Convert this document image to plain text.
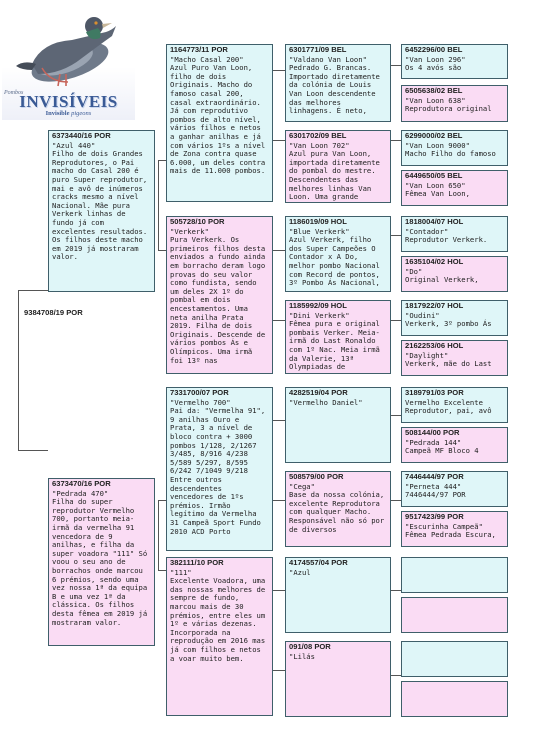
Pombos
INVISÍVEIS
Invisible pigeons
9384708/19 POR
6373440/16 POR
"Azul 440"
Filho de dois Grandes Reprodutores, o Pai macho do Casal 200 é puro Super reprodutor, mai e avô de inúmeros cracks mesmo a nível Nacional. Mãe pura Verkerk linhas de fundo já com excelentes resultados. Os filhos deste macho em 2019 já mostraram valor.
6373470/16 POR
"Pedrada 470"
Filha do super reprodutor Vermelho 700, portanto meia-irmã da vermelha 91 vencedora de 9 anilhas, e filha da super voadora "111" Só voou o seu ano de borrachos onde marcou 6 prémios, sendo uma vez nossa 1ª da equipa B e uma vez 1ª da clássica. Os filhos desta fêmea em 2019 já mostraram valor.
1164773/11 POR
"Macho Casal 200"
Azul Puro Van Loon, filho de dois Originais. Macho do famoso casal 200, casal extraordinário. Já com reprodutivo pombos de alto nível, vários filhos e netos a ganhar anilhas e já com vários 1ºs a nível de Zona contra quase 6.000, um deles contra mais de 11.000 pombos.
505728/10 POR
"Verkerk"
Pura Verkerk. Os primeiros filhos desta enviados a fundo ainda em borracho deram logo provas do seu valor como fundista, sendo um deles 2X 1º do pombal em dois encestamentos. Uma neta anilha Prata 2019. Filha de dois Originais. Descende de vários pombos Ás e Olímpicos. Uma irmã foi 13º nas
7331700/07 POR
"Vermelho 700"
Pai da: "Vermelha 91", 9 anilhas Ouro e Prata, 3 a nível de bloco contra + 3000 pombos 1/128, 2/1267 3/485, 8/916 4/238 5/589 5/297, 8/595 6/242 7/1049 9/218 Entre outros descendentes vencedores de 1ºs prémios. Irmão legítimo da Vermelha 31 Campeã Sport Fundo 2010 ACD Porto
382111/10 POR
"111"
Excelente Voadora, uma das nossas melhores de sempre de fundo, marcou mais de 30 prémios, entre eles um 1º e várias dezenas. Incorporada na reprodução em 2016 mas já com filhos e netos a voar muito bem.
6301771/09 BEL
"Valdano Van Loon"
Pedrado G. Brancas. Importado diretamente da colónia de Louis Van Loon descendente das melhores linhagens. É neto,
6301702/09 BEL
"Van Loon 702"
Azul pura Van Loon, importada diretamente do pombal do mestre. Descendentes das melhores linhas Van Loon. Uma grande
1186019/09 HOL
"Blue Verkerk"
Azul Verkerk, filho dos Super Campeões O Contador x A Do, melhor pombo Nacional com Record de pontos, 3º Pombo Ás Nacional,
1185992/09 HOL
"Dini Verkerk"
Fêmea pura e original pombais Verker. Meia-irmã do Last Ronaldo com 1º Nac. Meia irmã da Valerie, 13ª Olympiadas de
4282519/04 POR
"Vermelho Daniel"
508579/00 POR
"Cega"
Base da nossa colónia, excelente Reprodutora com qualquer Macho. Responsável não só por de diversos
4174557/04 POR
"Azul
091/08 POR
"Lilás
6452296/00 BEL
"Van Loon 296"
Os 4 avós são
6505638/02 BEL
"Van Loon 638"
Reprodutora original
6299000/02 BEL
"Van Loon 9000"
Macho Filho do famoso
6449650/05 BEL
"Van Loon 650"
Fêmea Van Loon,
1818004/07 HOL
"Contador"
Reprodutor Verkerk.
1635104/02 HOL
"Do"
Original Verkerk,
1817922/07 HOL
"Oudini"
Verkerk, 3º pombo Ás
2162253/06 HOL
"Daylight"
Verkerk, mãe do Last
3189791/03 POR
Vermelho Excelente
Reprodutor, pai, avô
508144/00 POR
"Pedrada 144"
Campeã MF Bloco 4
7446444/97 POR
"Perneta 444"
7446444/97 POR
9517423/99 POR
"Escurinha Campeã"
Fêmea Pedrada Escura,
